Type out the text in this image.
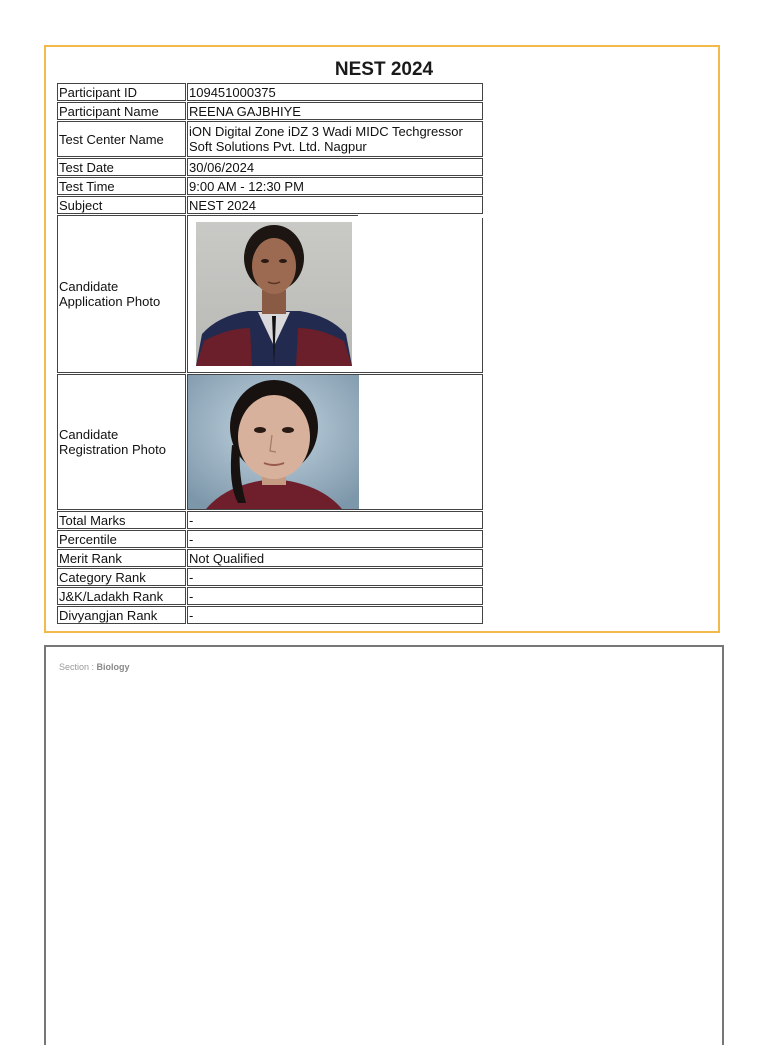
NEST 2024
Participant ID	109451000375
Participant Name	REENA GAJBHIYE
Test Center Name	iON Digital Zone iDZ 3 Wadi MIDC Techgressor Soft Solutions Pvt. Ltd. Nagpur
Test Date	30/06/2024
Test Time	9:00 AM - 12:30 PM
Subject	NEST 2024
Candidate Application Photo	

Candidate Registration Photo	

Total Marks	-
Percentile	-
Merit Rank	Not Qualified
Category Rank	-
J&K/Ladakh Rank	-
Divyangjan Rank	-
Section : Biology
